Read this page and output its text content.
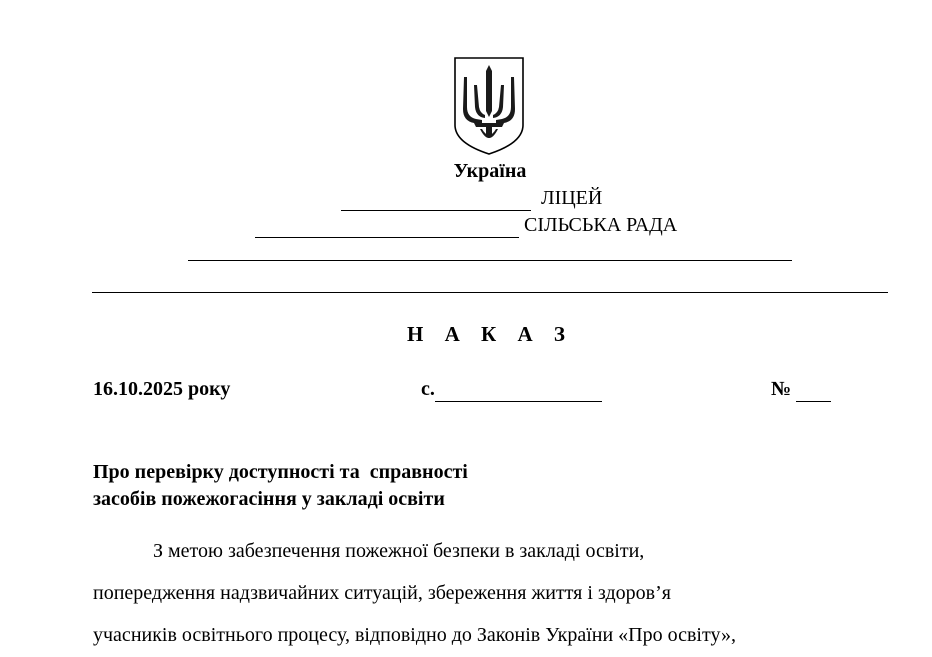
Україна
ЛІЦЕЙ
СІЛЬСЬКА РАДА
Н А К А З
16.10.2025 року	с.	№
Про перевірку доступності та  справності
засобів пожежогасіння у закладі освіти
З метою забезпечення пожежної безпеки в закладі освіти,
попередження надзвичайних ситуацій, збереження життя і здоров’я
учасників освітнього процесу, відповідно до Законів України «Про освіту»,
